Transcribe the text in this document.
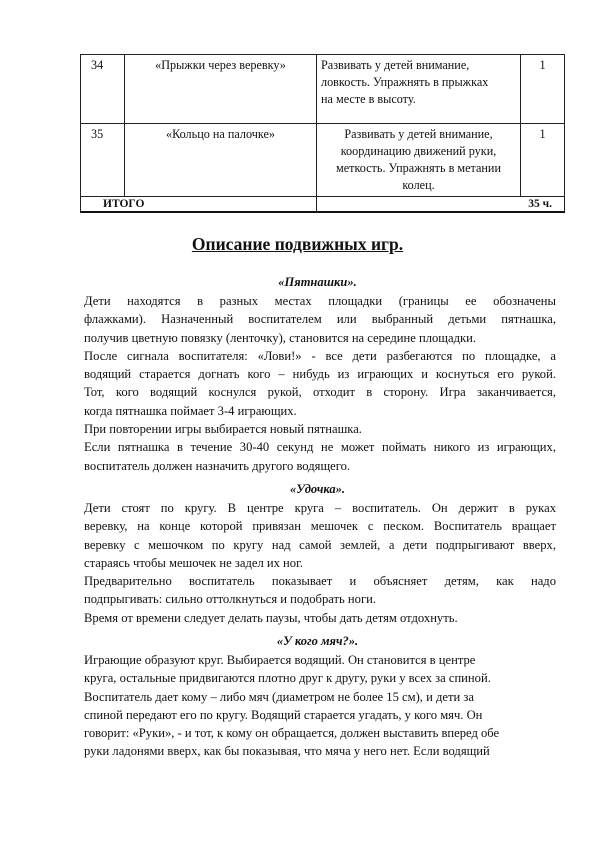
34	«Прыжки через веревку»	Развивать у детей внимание,
ловкость. Упражнять в прыжках
на месте в высоту.	1
35	«Кольцо на палочке»	Развивать у детей внимание,
координацию движений руки,
меткость. Упражнять в метании
колец.	1
ИТОГО		35 ч.	
Описание подвижных игр.
«Пятнашки».

Дети находятся в разных местах площадки (границы ее обозначены
флажками). Назначенный воспитателем или выбранный детьми пятнашка,
получив цветную повязку (ленточку), становится на середине площадки.
После сигнала воспитателя: «Лови!» - все дети разбегаются по площадке, а
водящий старается догнать кого – нибудь из играющих и коснуться его рукой.
Тот, кого водящий коснулся рукой, отходит в сторону. Игра заканчивается,
когда пятнашка поймает 3-4 играющих.
При повторении игры выбирается новый пятнашка.
Если пятнашка в течение 30-40 секунд не может поймать никого из играющих,
воспитатель должен назначить другого водящего.

«Удочка».

Дети стоят по кругу. В центре круга – воспитатель. Он держит в руках
веревку, на конце которой привязан мешочек с песком. Воспитатель вращает
веревку с мешочком по кругу над самой землей, а дети подпрыгивают вверх,
стараясь чтобы мешочек не задел их ног.
Предварительно воспитатель показывает и объясняет детям, как надо
подпрыгивать: сильно оттолкнуться и подобрать ноги.
Время от времени следует делать паузы, чтобы дать детям отдохнуть.

«У кого мяч?».

Играющие образуют круг. Выбирается водящий. Он становится в центре
круга, остальные придвигаются плотно друг к другу, руки у всех за спиной.
Воспитатель дает кому – либо мяч (диаметром не более 15 см), и дети за
спиной передают его по кругу. Водящий старается угадать, у кого мяч. Он
говорит: «Руки», - и тот, к кому он обращается, должен выставить вперед обе
руки ладонями вверх, как бы показывая, что мяча у него нет. Если водящий
